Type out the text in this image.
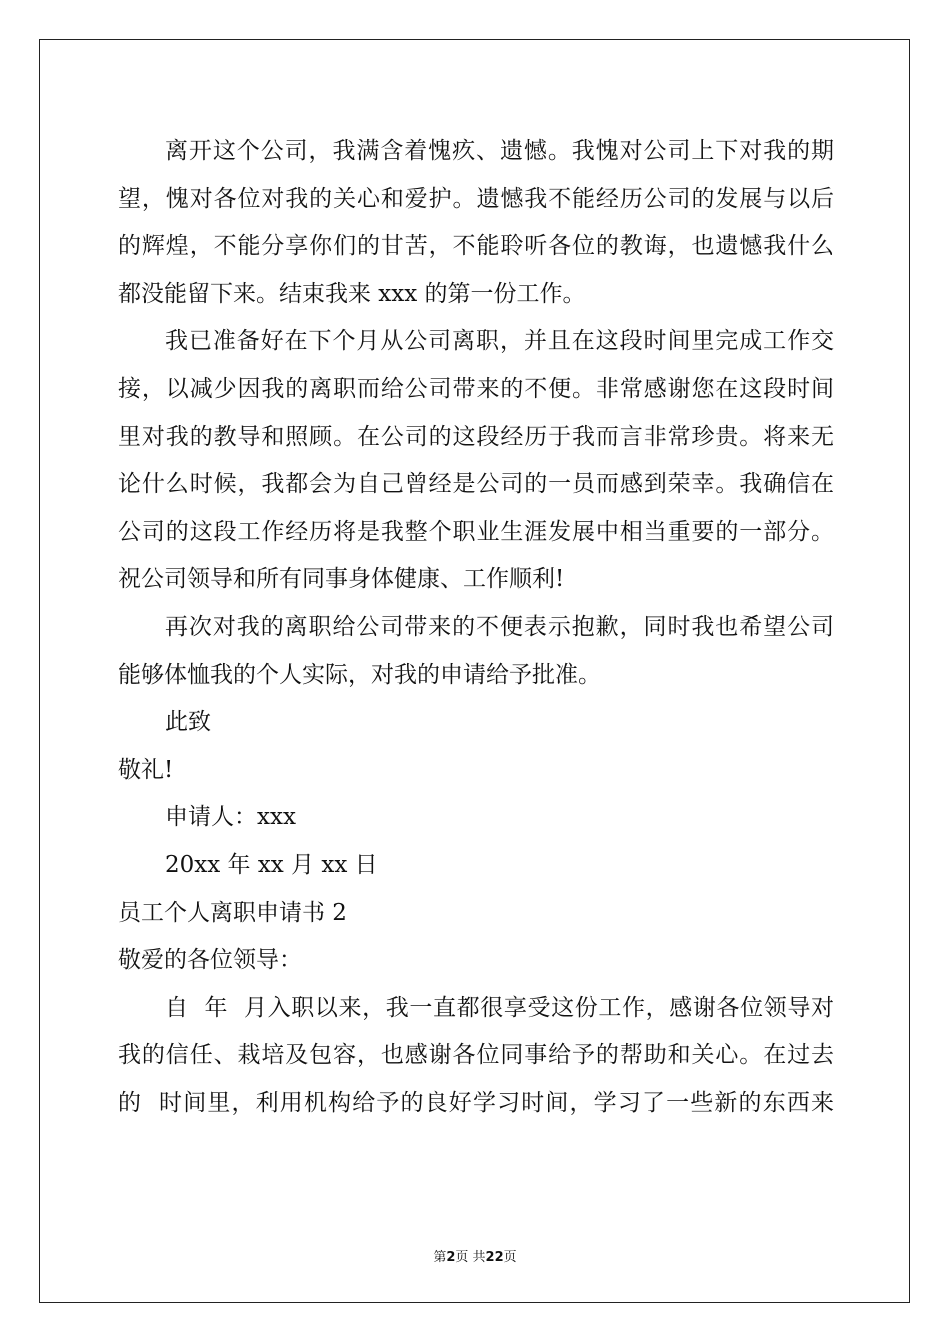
离开这个公司，我满含着愧疚、遗憾。我愧对公司上下对我的期
望，愧对各位对我的关心和爱护。遗憾我不能经历公司的发展与以后
的辉煌，不能分享你们的甘苦，不能聆听各位的教诲，也遗憾我什么
都没能留下来。结束我来 xxx 的第一份工作。
我已准备好在下个月从公司离职，并且在这段时间里完成工作交
接，以减少因我的离职而给公司带来的不便。非常感谢您在这段时间
里对我的教导和照顾。在公司的这段经历于我而言非常珍贵。将来无
论什么时候，我都会为自己曾经是公司的一员而感到荣幸。我确信在
公司的这段工作经历将是我整个职业生涯发展中相当重要的一部分。
祝公司领导和所有同事身体健康、工作顺利!
再次对我的离职给公司带来的不便表示抱歉，同时我也希望公司
能够体恤我的个人实际，对我的申请给予批准。
此致
敬礼!
申请人：xxx
20xx 年 xx 月 xx 日
员工个人离职申请书 2
敬爱的各位领导：
自  年  月入职以来，我一直都很享受这份工作，感谢各位领导对
我的信任、栽培及包容，也感谢各位同事给予的帮助和关心。在过去
的  时间里，利用机构给予的良好学习时间，学习了一些新的东西来
第2页 共22页
